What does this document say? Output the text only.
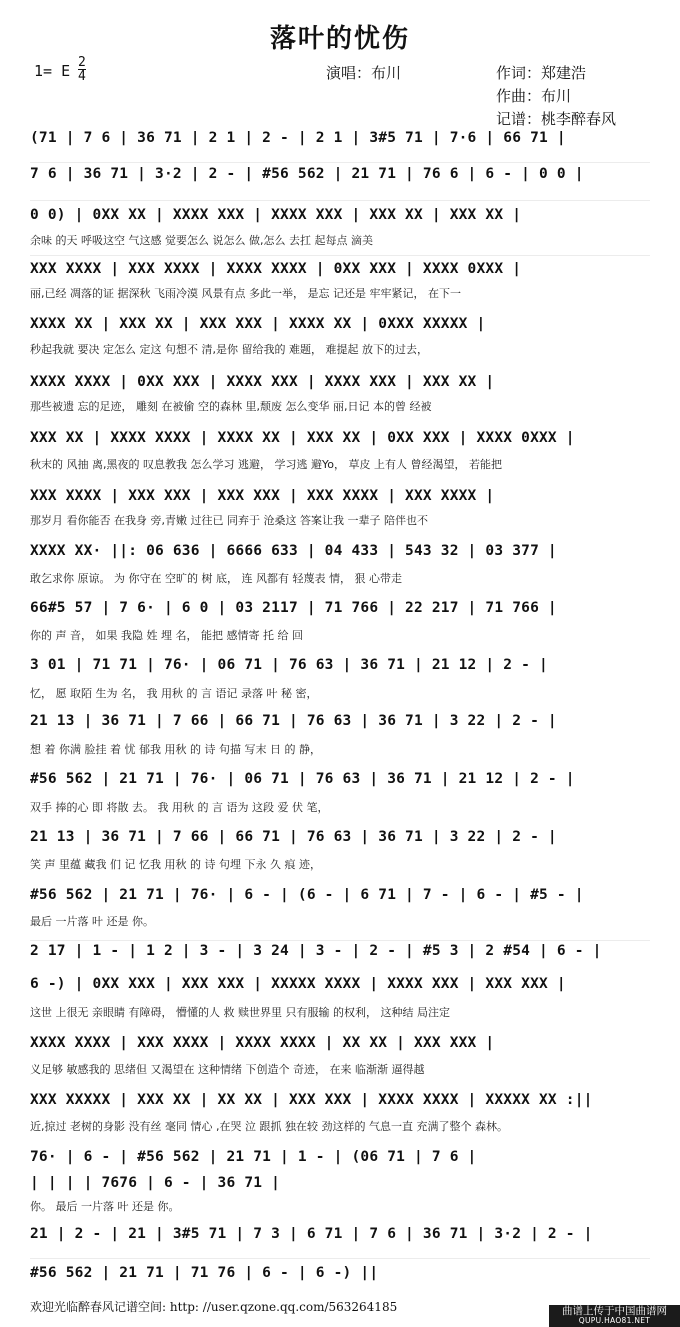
落叶的忧伤
1= E 2
4	演唱：布川	作词：郑建浩
作曲：布川
记谱：桃李醉春风
(71 | 7 6 | 36 71 | 2 1 | 2 - | 2 1 | 3#5 71 | 7·6 | 66 71 |
7 6 | 36 71 | 3·2 | 2 - | #56 562 | 21 71 | 76 6 | 6 - | 0 0 |
0 0) | 0XX XX | XXXX XXX | XXXX XXX | XXX XX | XXX XX |
余味 的天 呼吸这空 气这感 觉要怎么 说怎么 做,怎么 去扛 起每点 滴美
XXX XXXX | XXX XXXX | XXXX XXXX | 0XX XXX | XXXX 0XXX |
丽,已经 凋落的证 据深秋 飞雨冷漠 风景有点 多此一举， 是忘 记还是 牢牢紧记， 在下一
XXXX XX | XXX XX | XXX XXX | XXXX XX | 0XXX XXXXX |
秒起我就 要决 定怎么 定这 句想不 清,是你 留给我的 难题， 难提起 放下的过去，
XXXX XXXX | 0XX XXX | XXXX XXX | XXXX XXX | XXX XX |
那些被遗 忘的足迹， 雕刻 在被偷 空的森林 里,颓废 怎么变华 丽,日记 本的曾 经被
XXX XX | XXXX XXXX | XXXX XX | XXX XX | 0XX XXX | XXXX 0XXX |
秋末的 风抽 离,黑夜的 叹息教我 怎么学习 逃避， 学习逃 避Yo， 草皮 上有人 曾经渴望， 若能把
XXX XXXX | XXX XXX | XXX XXX | XXX XXXX | XXX XXXX |
那岁月 看你能否 在我身 旁,青嫩 过往已 同弃于 沧桑这 答案让我 一辈子 陪伴也不
XXXX XX· ||: 06 636 | 6666 633 | 04 433 | 543 32 | 03 377 |
敢乞求你 原谅。 为 你守在 空旷的 树 底， 连 风都有 轻蔑表 情， 狠 心带走
66#5 57 | 7 6· | 6 0 | 03 2117 | 71 766 | 22 217 | 71 766 |
你的 声 音， 如果 我隐 姓 埋 名， 能把 感情寄 托 给 回
3 01 | 71 71 | 76· | 06 71 | 76 63 | 36 71 | 21 12 | 2 - |
忆， 愿 取陌 生为 名， 我 用秋 的 言 语记 录落 叶 秘 密，
21 13 | 36 71 | 7 66 | 66 71 | 76 63 | 36 71 | 3 22 | 2 - |
想 着 你满 脸挂 着 忧 郁我 用秋 的 诗 句描 写末 日 的 静，
#56 562 | 21 71 | 76· | 06 71 | 76 63 | 36 71 | 21 12 | 2 - |
双手 捧的心 即 将散 去。 我 用秋 的 言 语为 这段 爱 伏 笔，
21 13 | 36 71 | 7 66 | 66 71 | 76 63 | 36 71 | 3 22 | 2 - |
笑 声 里蕴 藏我 们 记 忆我 用秋 的 诗 句埋 下永 久 痕 迹，
#56 562 | 21 71 | 76· | 6 - | (6 - | 6 71 | 7 - | 6 - | #5 - |
最后 一片落 叶 还是 你。
2 17 | 1 - | 1 2 | 3 - | 3 24 | 3 - | 2 - | #5 3 | 2 #54 | 6 - |
6 -) | 0XX XXX | XXX XXX | XXXXX XXXX | XXXX XXX | XXX XXX |
这世 上很无 亲眼睛 有障碍， 懵懂的人 救 赎世界里 只有服输 的权利， 这种结 局注定
XXXX XXXX | XXX XXXX | XXXX XXXX | XX XX | XXX XXX |
义足够 敏感我的 思绪但 又渴望在 这种情绪 下创造个 奇迹， 在来 临渐渐 逼得越
XXX XXXXX | XXX XX | XX XX | XXX XXX | XXXX XXXX | XXXXX XX :||
近,掠过 老树的身影 没有丝 毫同 情心 ,在哭 泣 跟抓 独在较 劲这样的 气息一直 充满了整个 森林。
76· | 6 - | #56 562 | 21 71 | 1 - | (06 71 | 7 6 |
| | | | 7676 | 6 - | 36 71 |
你。 最后 一片落 叶 还是 你。
21 | 2 - | 21 | 3#5 71 | 7 3 | 6 71 | 7 6 | 36 71 | 3·2 | 2 - |
#56 562 | 21 71 | 71 76 | 6 - | 6 -) ||
欢迎光临醉春风记谱空间: http: //user.qzone.qq.com/563264185	曲谱上传于中国曲谱网
QUPU.HAO81.NET
